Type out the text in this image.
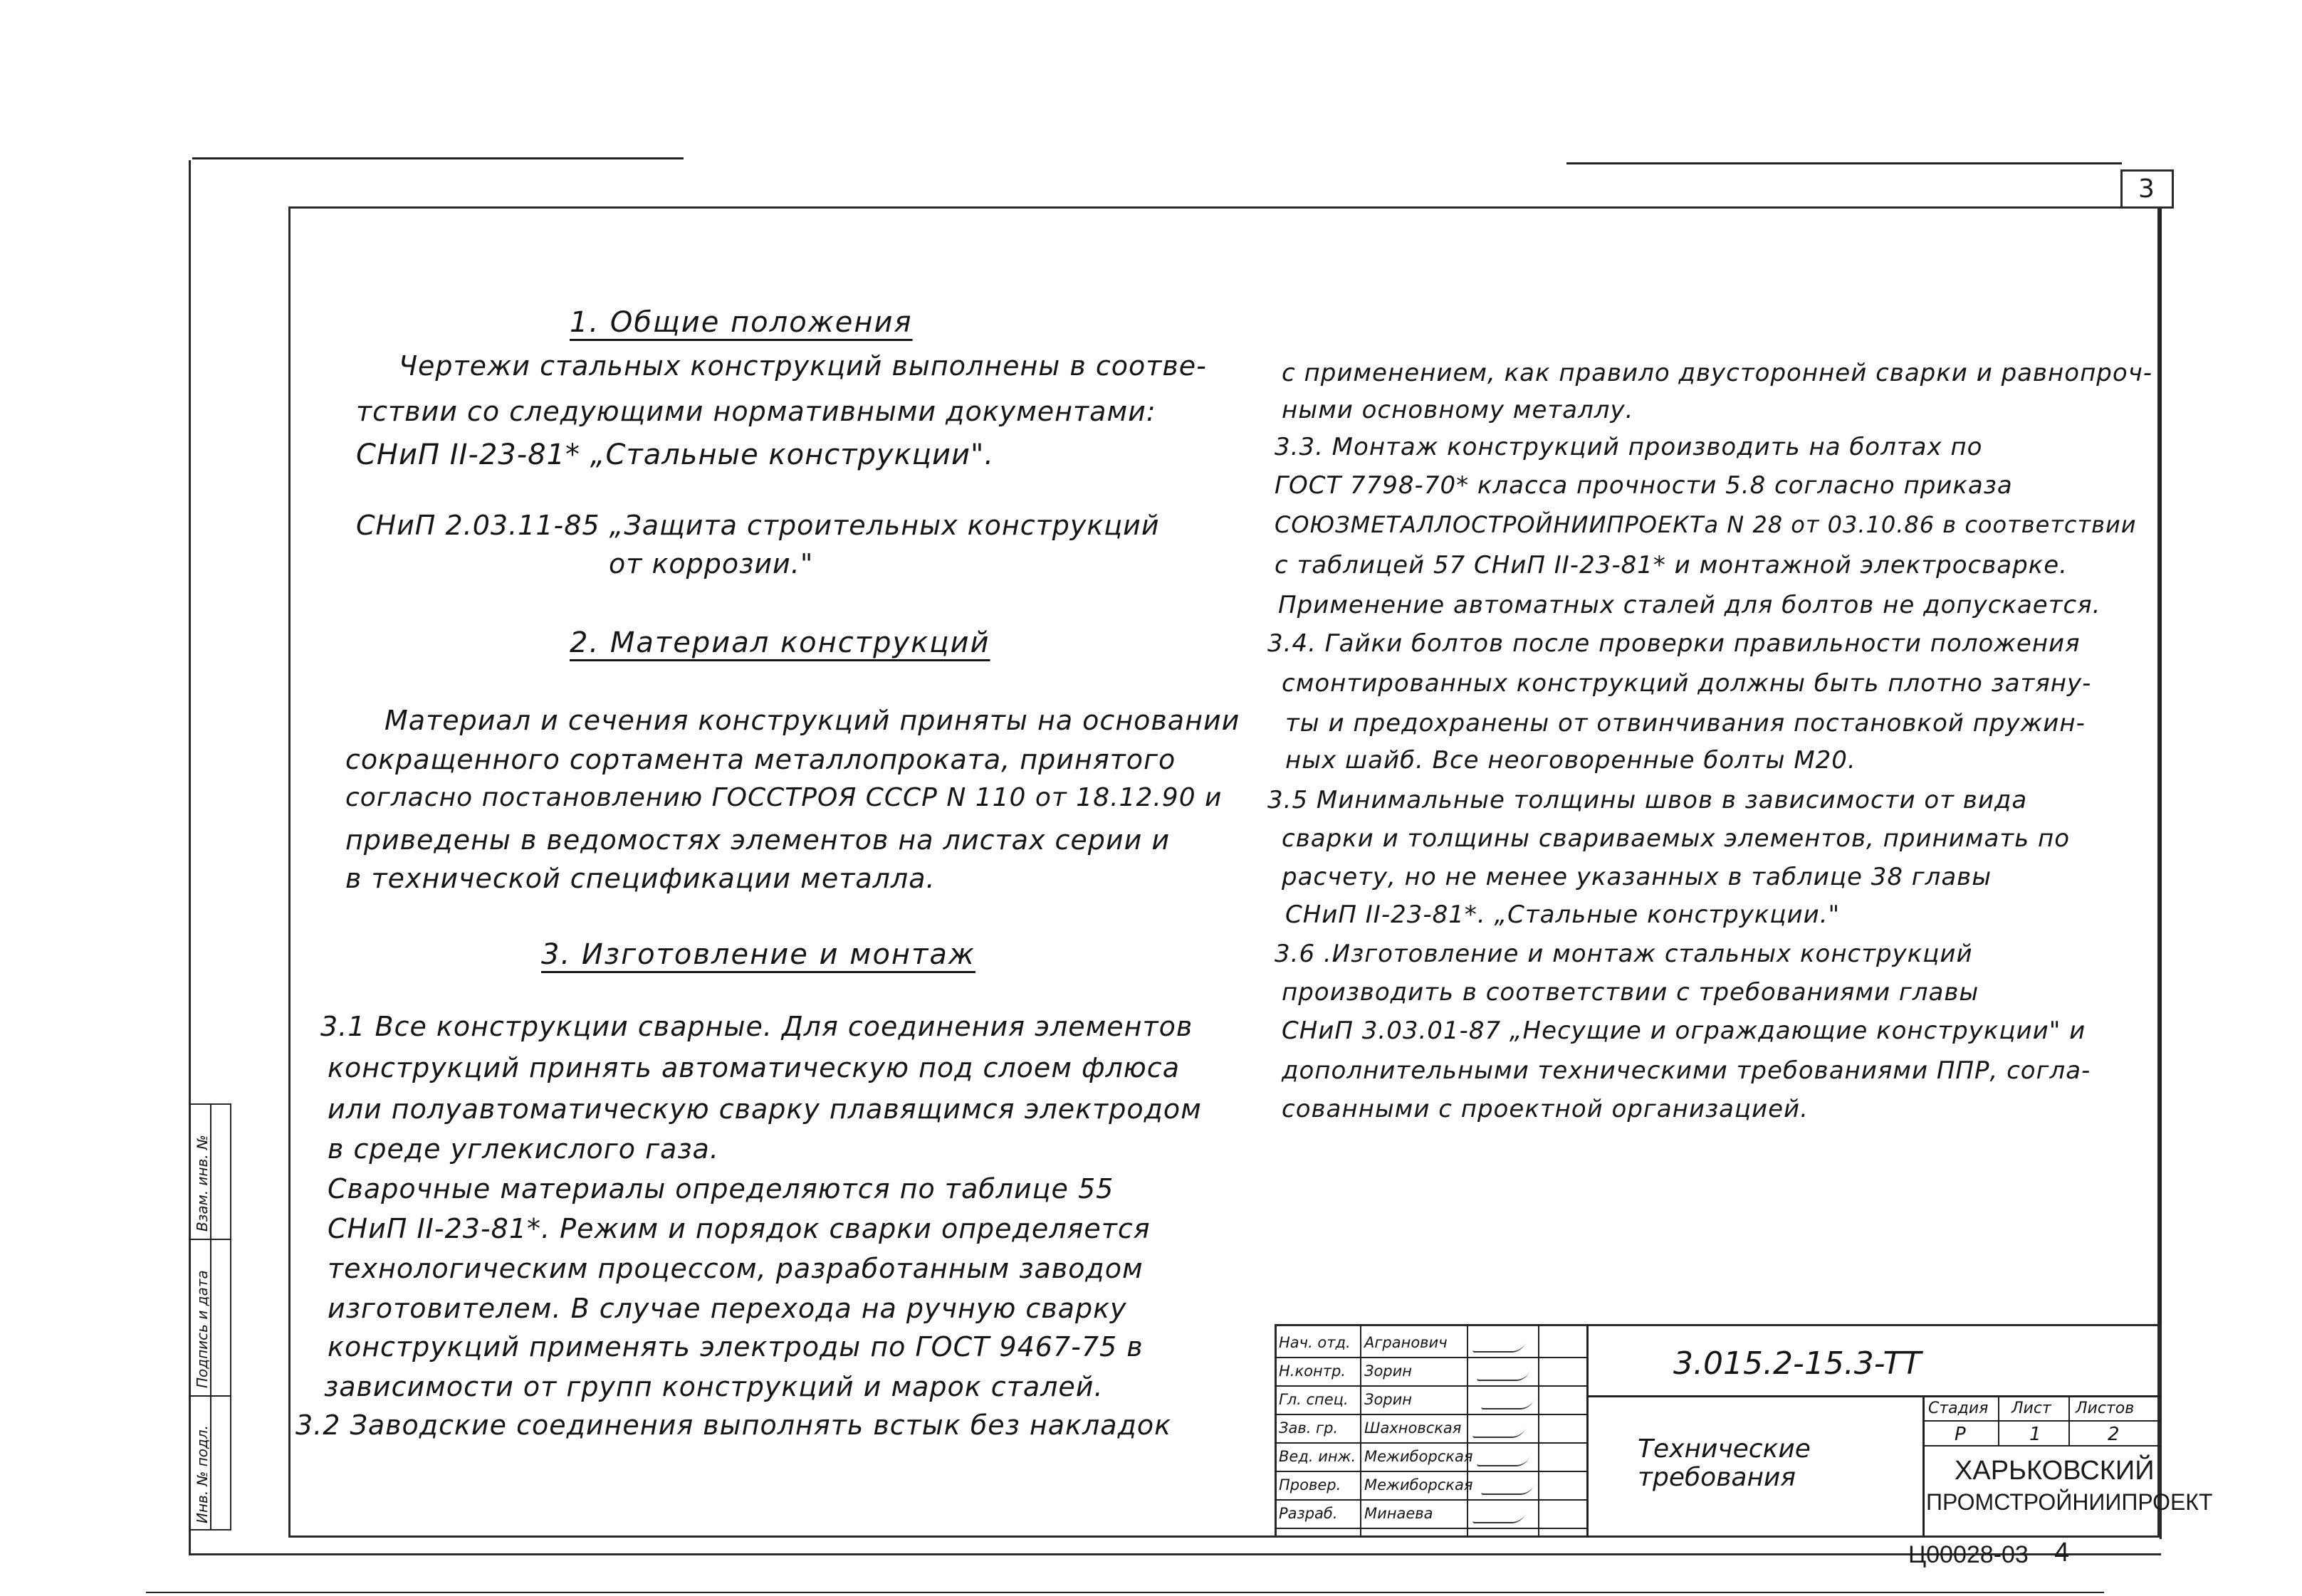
3
1. Общие положения
Чертежи стальных конструкций выполнены в соотве-
тствии со следующими нормативными документами:
СНиП II-23-81* „Стальные конструкции".
СНиП 2.03.11-85 „Защита строительных конструкций
от коррозии."
2. Материал конструкций
Материал и сечения конструкций приняты на основании
сокращенного сортамента металлопроката, принятого
согласно постановлению ГОССТРОЯ СССР N 110 от 18.12.90 и
приведены в ведомостях элементов на листах серии и
в технической спецификации металла.
3. Изготовление и монтаж
3.1 Все конструкции сварные. Для соединения элементов
конструкций принять автоматическую под слоем флюса
или полуавтоматическую сварку плавящимся электродом
в среде углекислого газа.
Сварочные материалы определяются по таблице 55
СНиП II-23-81*. Режим и порядок сварки определяется
технологическим процессом, разработанным заводом
изготовителем. В случае перехода на ручную сварку
конструкций применять электроды по ГОСТ 9467-75 в
зависимости от групп конструкций и марок сталей.
3.2 Заводские соединения выполнять встык без накладок
с применением, как правило двусторонней сварки и равнопроч-
ными основному металлу.
3.3. Монтаж конструкций производить на болтах по
ГОСТ 7798-70* класса прочности 5.8 согласно приказа
СОЮЗМЕТАЛЛОСТРОЙНИИПРОЕКТа N 28 от 03.10.86 в соответствии
с таблицей 57 СНиП II-23-81* и монтажной электросварке.
Применение автоматных сталей для болтов не допускается.
3.4. Гайки болтов после проверки правильности положения
смонтированных конструкций должны быть плотно затяну-
ты и предохранены от отвинчивания постановкой пружин-
ных шайб. Все неоговоренные болты М20.
3.5 Минимальные толщины швов в зависимости от вида
сварки и толщины свариваемых элементов, принимать по
расчету, но не менее указанных в таблице 38 главы
СНиП II-23-81*. „Стальные конструкции."
3.6 .Изготовление и монтаж стальных конструкций
производить в соответствии с требованиями главы
СНиП 3.03.01-87 „Несущие и ограждающие конструкции" и
дополнительными техническими требованиями ППР, согла-
сованными с проектной организацией.
Взам. инв. №
Подпись и дата
Инв. № подл.
Нач. отд. Агранович
Н.контр. Зорин
Гл. спец. Зорин
Зав. гр. Шахновская
Вед. инж. Межиборская
Провер. Межиборская
Разраб. Минаева
3.015.2-15.3-TT
Технические
требования
Стадия Лист Листов
Р	1	2
ХАРЬКОВСКИЙ
ПРОМСТРОЙНИИПРОЕКТ
Ц00028-03 4
